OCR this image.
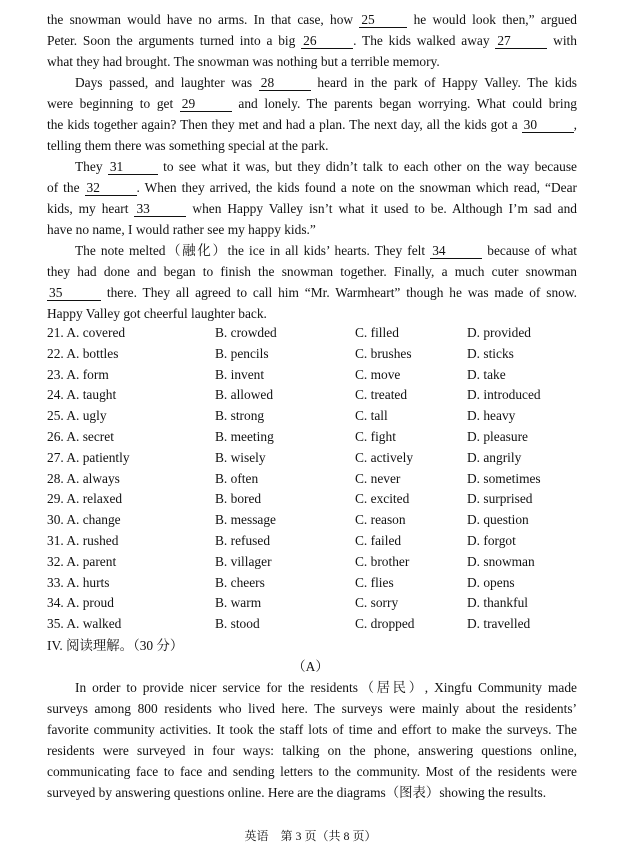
the snowman would have no arms. In that case, how 25	he would look then,” argued
Peter. Soon the arguments turned into a big 26	. The kids walked away 27	with
what they had brought. The snowman was nothing but a terrible memory.
Days passed, and laughter was 28	heard in the park of Happy Valley. The kids
were beginning to get 29	and lonely. The parents began worrying. What could bring
the kids together again? Then they met and had a plan. The next day, all the kids got a 30	,
telling them there was something special at the park.
They 31	to see what it was, but they didn’t talk to each other on the way because
of the 32	. When they arrived, the kids found a note on the snowman which read, “Dear
kids, my heart 33	when Happy Valley isn’t what it used to be. Although I’m sad and
have no name, I would rather see my happy kids.”
The note melted（融化）the ice in all kids’ hearts. They felt 34	because of what
they had done and began to finish the snowman together. Finally, a much cuter snowman
35	there. They all agreed to call him “Mr. Warmheart” though he was made of snow.
Happy Valley got cheerful laughter back.
21. A. covered	B. crowded	C. filled	D. provided
22. A. bottles	B. pencils	C. brushes	D. sticks
23. A. form	B. invent	C. move	D. take
24. A. taught	B. allowed	C. treated	D. introduced
25. A. ugly	B. strong	C. tall	D. heavy
26. A. secret	B. meeting	C. fight	D. pleasure
27. A. patiently	B. wisely	C. actively	D. angrily
28. A. always	B. often	C. never	D. sometimes
29. A. relaxed	B. bored	C. excited	D. surprised
30. A. change	B. message	C. reason	D. question
31. A. rushed	B. refused	C. failed	D. forgot
32. A. parent	B. villager	C. brother	D. snowman
33. A. hurts	B. cheers	C. flies	D. opens
34. A. proud	B. warm	C. sorry	D. thankful
35. A. walked	B. stood	C. dropped	D. travelled
IV. 阅读理解。（30 分）
（A）
In order to provide nicer service for the residents（居民）, Xingfu Community made
surveys among 800 residents who lived here. The surveys were mainly about the residents’
favorite community activities. It took the staff lots of time and effort to make the surveys. The
residents were surveyed in four ways: talking on the phone, answering questions online,
communicating face to face and sending letters to the community. Most of the residents were
surveyed by answering questions online. Here are the diagrams（图表）showing the results.
英语　第 3 页（共 8 页）
